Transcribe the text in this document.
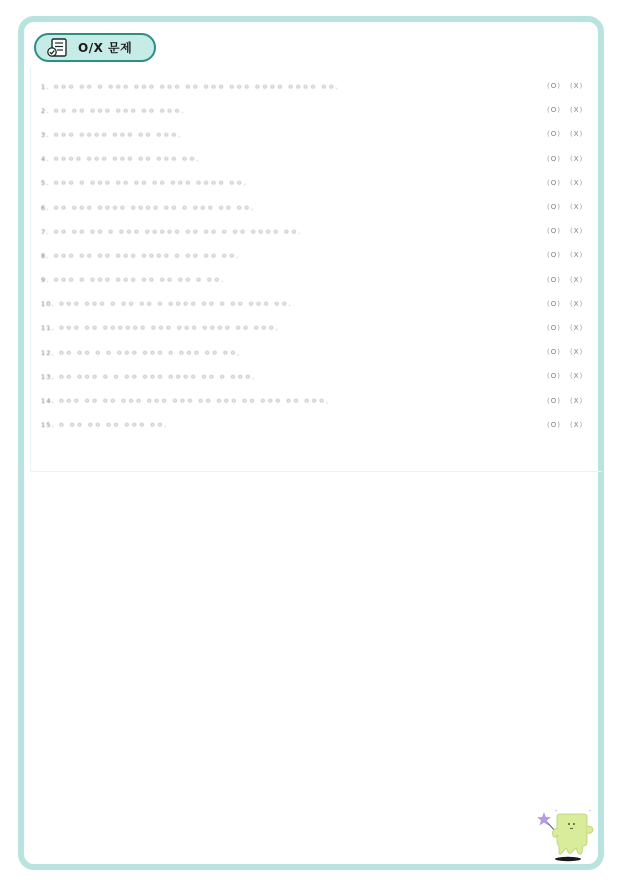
O/X 문제
1. ㅇㅇㅇ ㅇㅇ ㅇ ㅇㅇㅇ ㅇㅇㅇ ㅇㅇㅇ ㅇㅇ ㅇㅇㅇ ㅇㅇㅇ ㅇㅇㅇㅇ ㅇㅇㅇㅇ ㅇㅇ.	( O ) ( X )
2. ㅇㅇ ㅇㅇ ㅇㅇㅇ ㅇㅇㅇ ㅇㅇ ㅇㅇㅇ.	( O ) ( X )
3. ㅇㅇㅇ ㅇㅇㅇㅇ ㅇㅇㅇ ㅇㅇ ㅇㅇㅇ.	( O ) ( X )
4. ㅇㅇㅇㅇ ㅇㅇㅇ ㅇㅇㅇ ㅇㅇ ㅇㅇㅇ ㅇㅇ.	( O ) ( X )
5. ㅇㅇㅇ ㅇ ㅇㅇㅇ ㅇㅇ ㅇㅇ ㅇㅇ ㅇㅇㅇ ㅇㅇㅇㅇ ㅇㅇ.	( O ) ( X )
6. ㅇㅇ ㅇㅇㅇ ㅇㅇㅇㅇ ㅇㅇㅇㅇ ㅇㅇ ㅇ ㅇㅇㅇ ㅇㅇ ㅇㅇ.	( O ) ( X )
7. ㅇㅇ ㅇㅇ ㅇㅇ ㅇ ㅇㅇㅇ ㅇㅇㅇㅇㅇ ㅇㅇ ㅇㅇ ㅇ ㅇㅇ ㅇㅇㅇㅇ ㅇㅇ.	( O ) ( X )
8. ㅇㅇㅇ ㅇㅇ ㅇㅇ ㅇㅇㅇ ㅇㅇㅇㅇ ㅇ ㅇㅇ ㅇㅇ ㅇㅇ.	( O ) ( X )
9. ㅇㅇㅇ ㅇ ㅇㅇㅇ ㅇㅇㅇ ㅇㅇ ㅇㅇ ㅇㅇ ㅇ ㅇㅇ.	( O ) ( X )
10. ㅇㅇㅇ ㅇㅇㅇ ㅇ ㅇㅇ ㅇㅇ ㅇ ㅇㅇㅇㅇ ㅇㅇ ㅇ ㅇㅇ ㅇㅇㅇ ㅇㅇ.	( O ) ( X )
11. ㅇㅇㅇ ㅇㅇ ㅇㅇㅇㅇㅇㅇ ㅇㅇㅇ ㅇㅇㅇ ㅇㅇㅇㅇ ㅇㅇ ㅇㅇㅇ.	( O ) ( X )
12. ㅇㅇ ㅇㅇ ㅇ ㅇ ㅇㅇㅇ ㅇㅇㅇ ㅇ ㅇㅇㅇ ㅇㅇ ㅇㅇ.	( O ) ( X )
13. ㅇㅇ ㅇㅇㅇ ㅇ ㅇ ㅇㅇ ㅇㅇㅇ ㅇㅇㅇㅇ ㅇㅇ ㅇ ㅇㅇㅇ.	( O ) ( X )
14. ㅇㅇㅇ ㅇㅇ ㅇㅇ ㅇㅇㅇ ㅇㅇㅇ ㅇㅇㅇ ㅇㅇ ㅇㅇㅇ ㅇㅇ ㅇㅇㅇ ㅇㅇ ㅇㅇㅇ.	( O ) ( X )
15. ㅇ ㅇㅇ ㅇㅇ ㅇㅇ ㅇㅇㅇ ㅇㅇ.	( O ) ( X )
